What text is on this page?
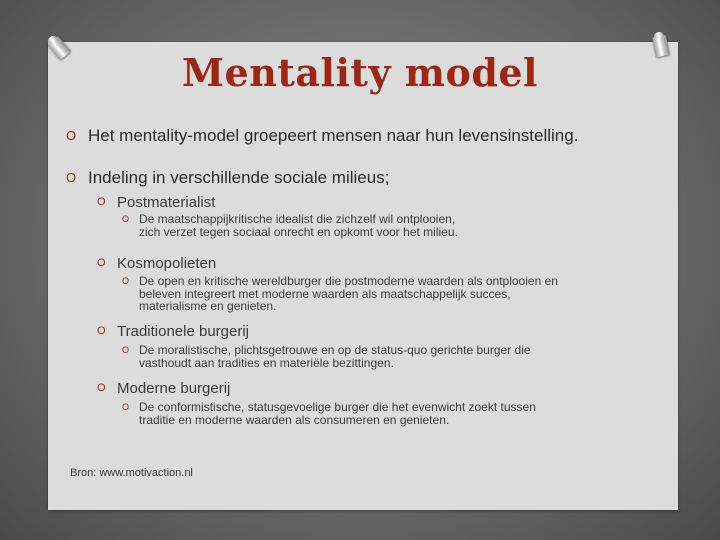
Mentality model
O Het mentality-model groepeert mensen naar hun levensinstelling.
O Indeling in verschillende sociale milieus;
O Postmaterialist
O De maatschappijkritische idealist die zichzelf wil ontplooien,
zich verzet tegen sociaal onrecht en opkomt voor het milieu.
O Kosmopolieten
O De open en kritische wereldburger die postmoderne waarden als ontplooien en
beleven integreert met moderne waarden als maatschappelijk succes,
materialisme en genieten.
O Traditionele burgerij
O De moralistische, plichtsgetrouwe en op de status-quo gerichte burger die
vasthoudt aan tradities en materiële bezittingen.
O Moderne burgerij
O De conformistische, statusgevoelige burger die het evenwicht zoekt tussen
traditie en moderne waarden als consumeren en genieten.
Bron: www.motivaction.nl
